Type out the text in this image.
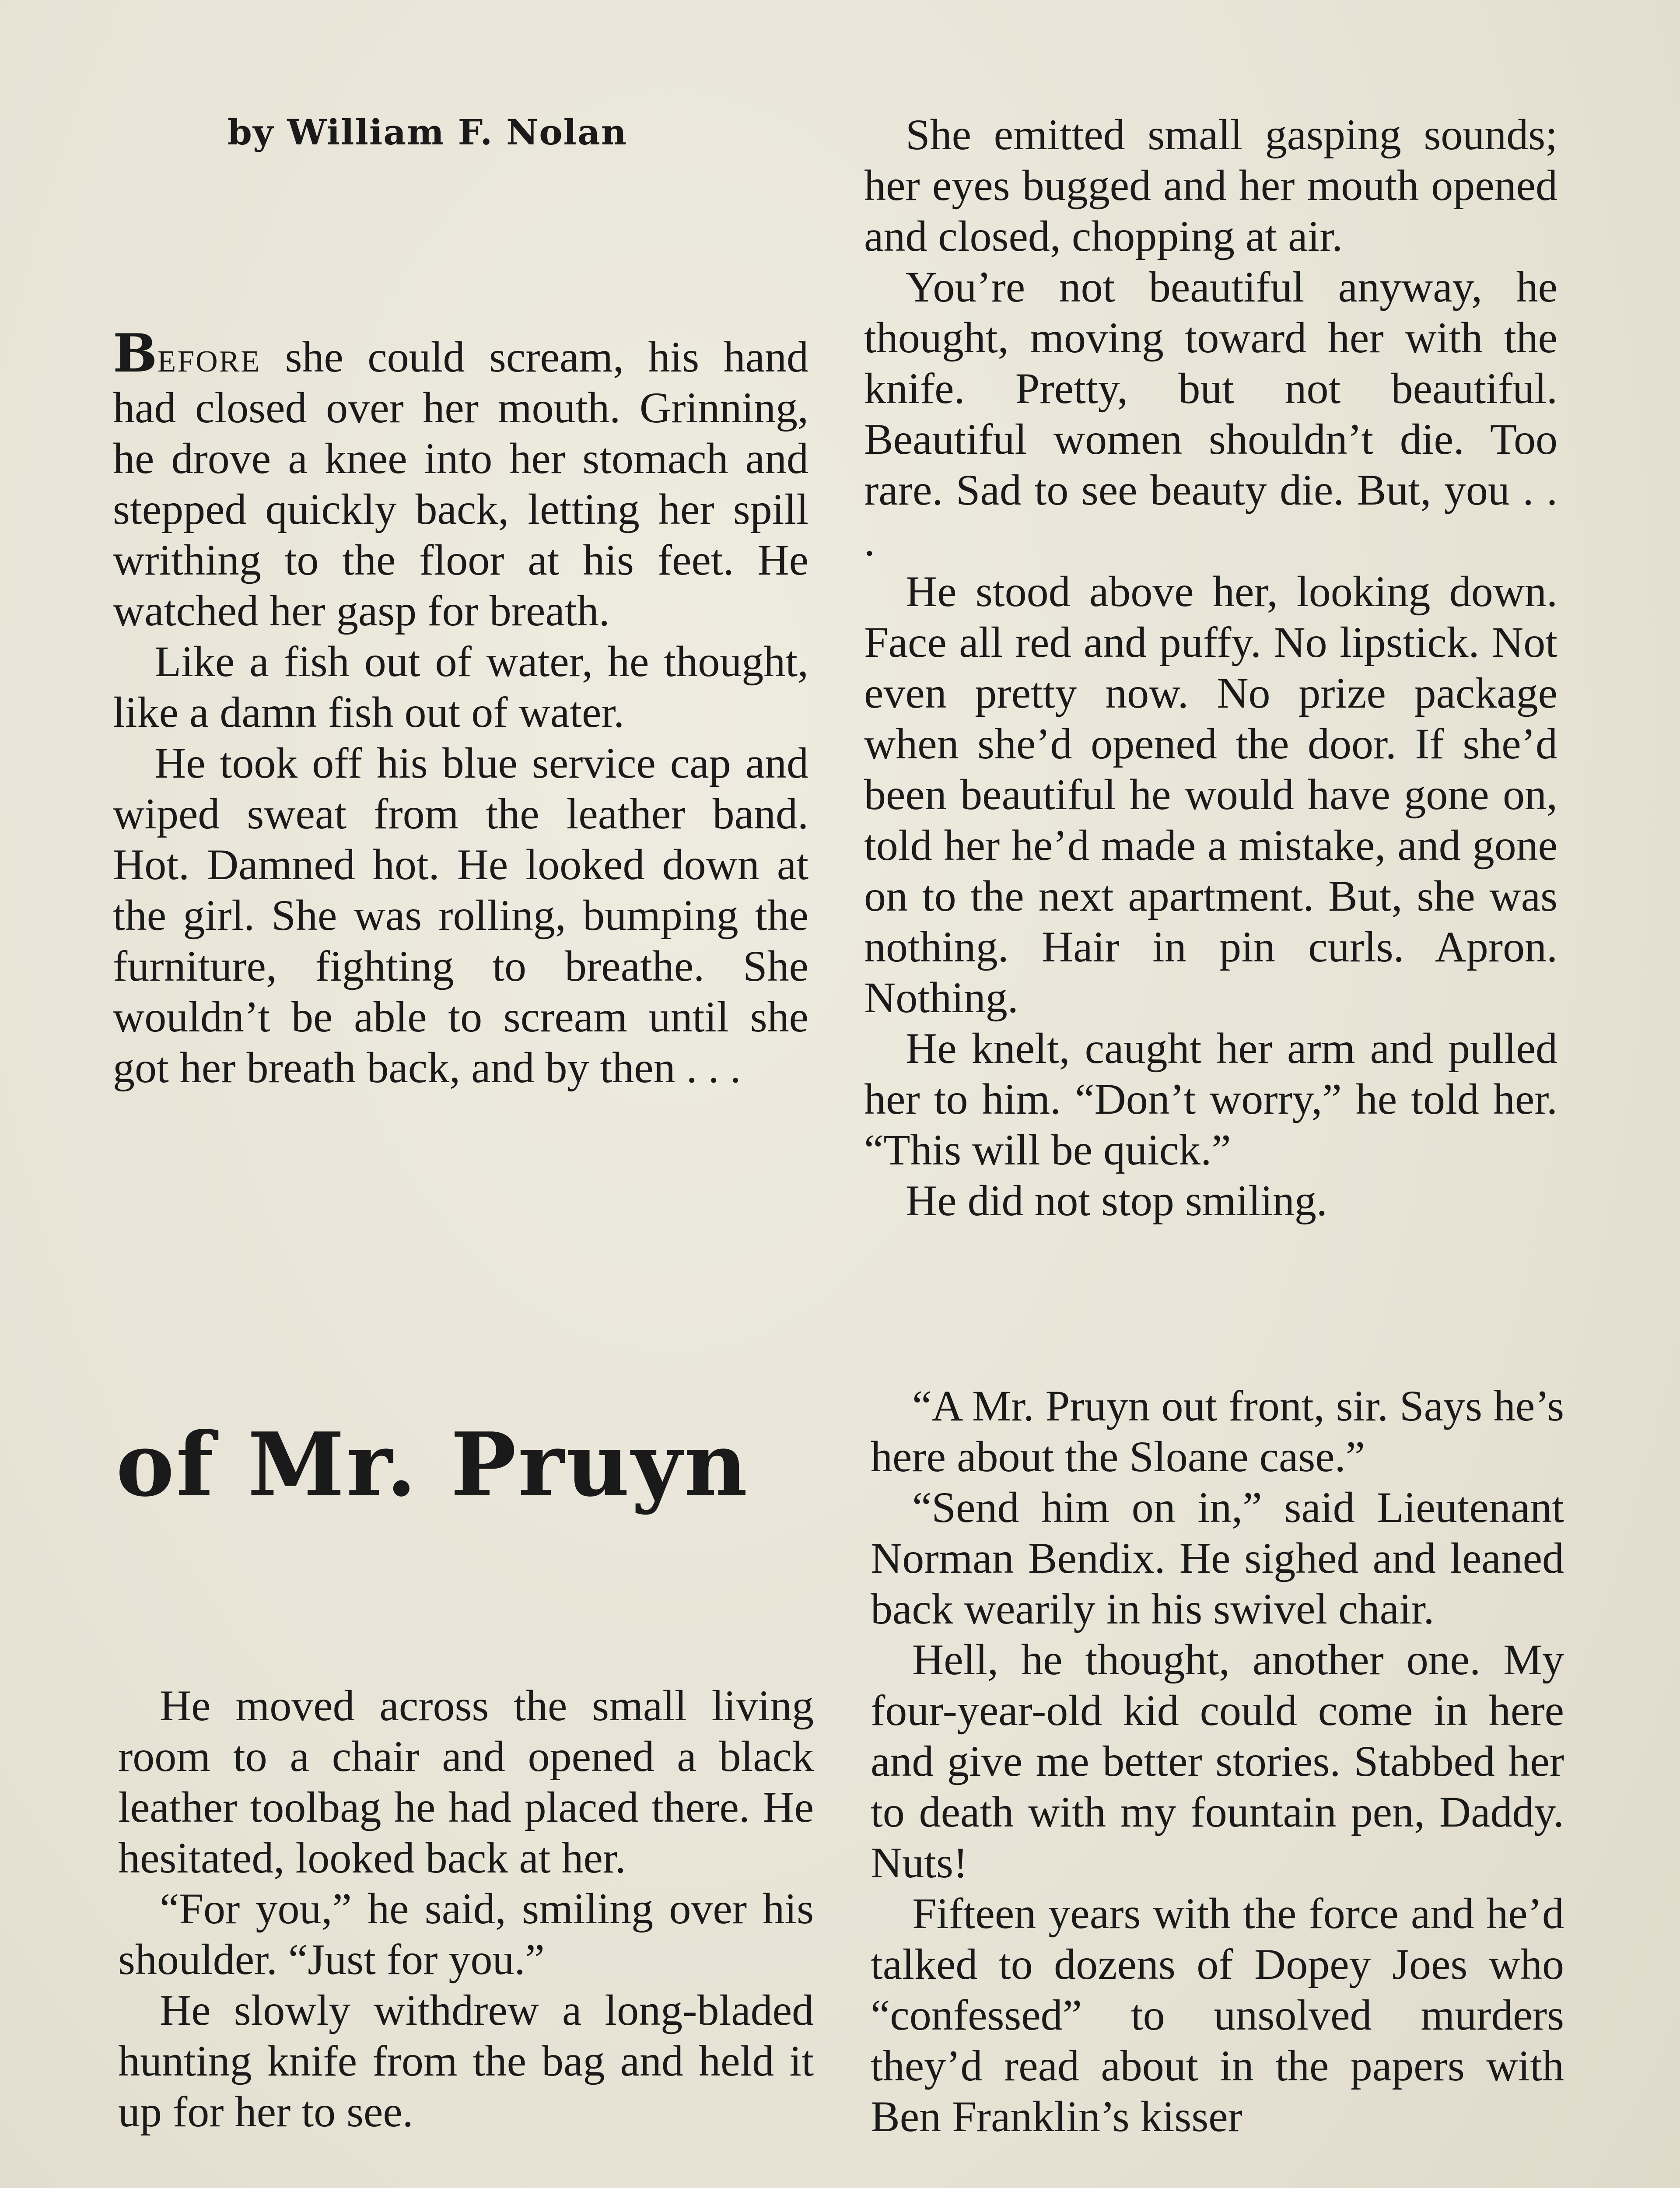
by William F. Nolan

Before she could scream, his hand had closed over her mouth. Grinning, he drove a knee into her stomach and stepped quickly back, letting her spill writhing to the floor at his feet. He watched her gasp for breath.

Like a fish out of water, he thought, like a damn fish out of water.

He took off his blue service cap and wiped sweat from the leather band. Hot. Damned hot. He looked down at the girl. She was rolling, bumping the furniture, fighting to breathe. She wouldn’t be able to scream until she got her breath back, and by then . . .

of Mr. Pruyn

He moved across the small living room to a chair and opened a black leather toolbag he had placed there. He hesitated, looked back at her.

“For you,” he said, smiling over his shoulder. “Just for you.”

He slowly withdrew a long-bladed hunting knife from the bag and held it up for her to see.

She emitted small gasping sounds; her eyes bugged and her mouth opened and closed, chopping at air.

You’re not beautiful anyway, he thought, moving toward her with the knife. Pretty, but not beautiful. Beautiful women shouldn’t die. Too rare. Sad to see beauty die. But, you . . .

He stood above her, looking down. Face all red and puffy. No lipstick. Not even pretty now. No prize package when she’d opened the door. If she’d been beautiful he would have gone on, told her he’d made a mistake, and gone on to the next apartment. But, she was nothing. Hair in pin curls. Apron. Nothing.

He knelt, caught her arm and pulled her to him. “Don’t worry,” he told her. “This will be quick.”

He did not stop smiling.

“A Mr. Pruyn out front, sir. Says he’s here about the Sloane case.”

“Send him on in,” said Lieutenant Norman Bendix. He sighed and leaned back wearily in his swivel chair.

Hell, he thought, another one. My four-year-old kid could come in here and give me better stories. Stabbed her to death with my fountain pen, Daddy. Nuts!

Fifteen years with the force and he’d talked to dozens of Dopey Joes who “confessed” to unsolved murders they’d read about in the papers with Ben Franklin’s kisser
